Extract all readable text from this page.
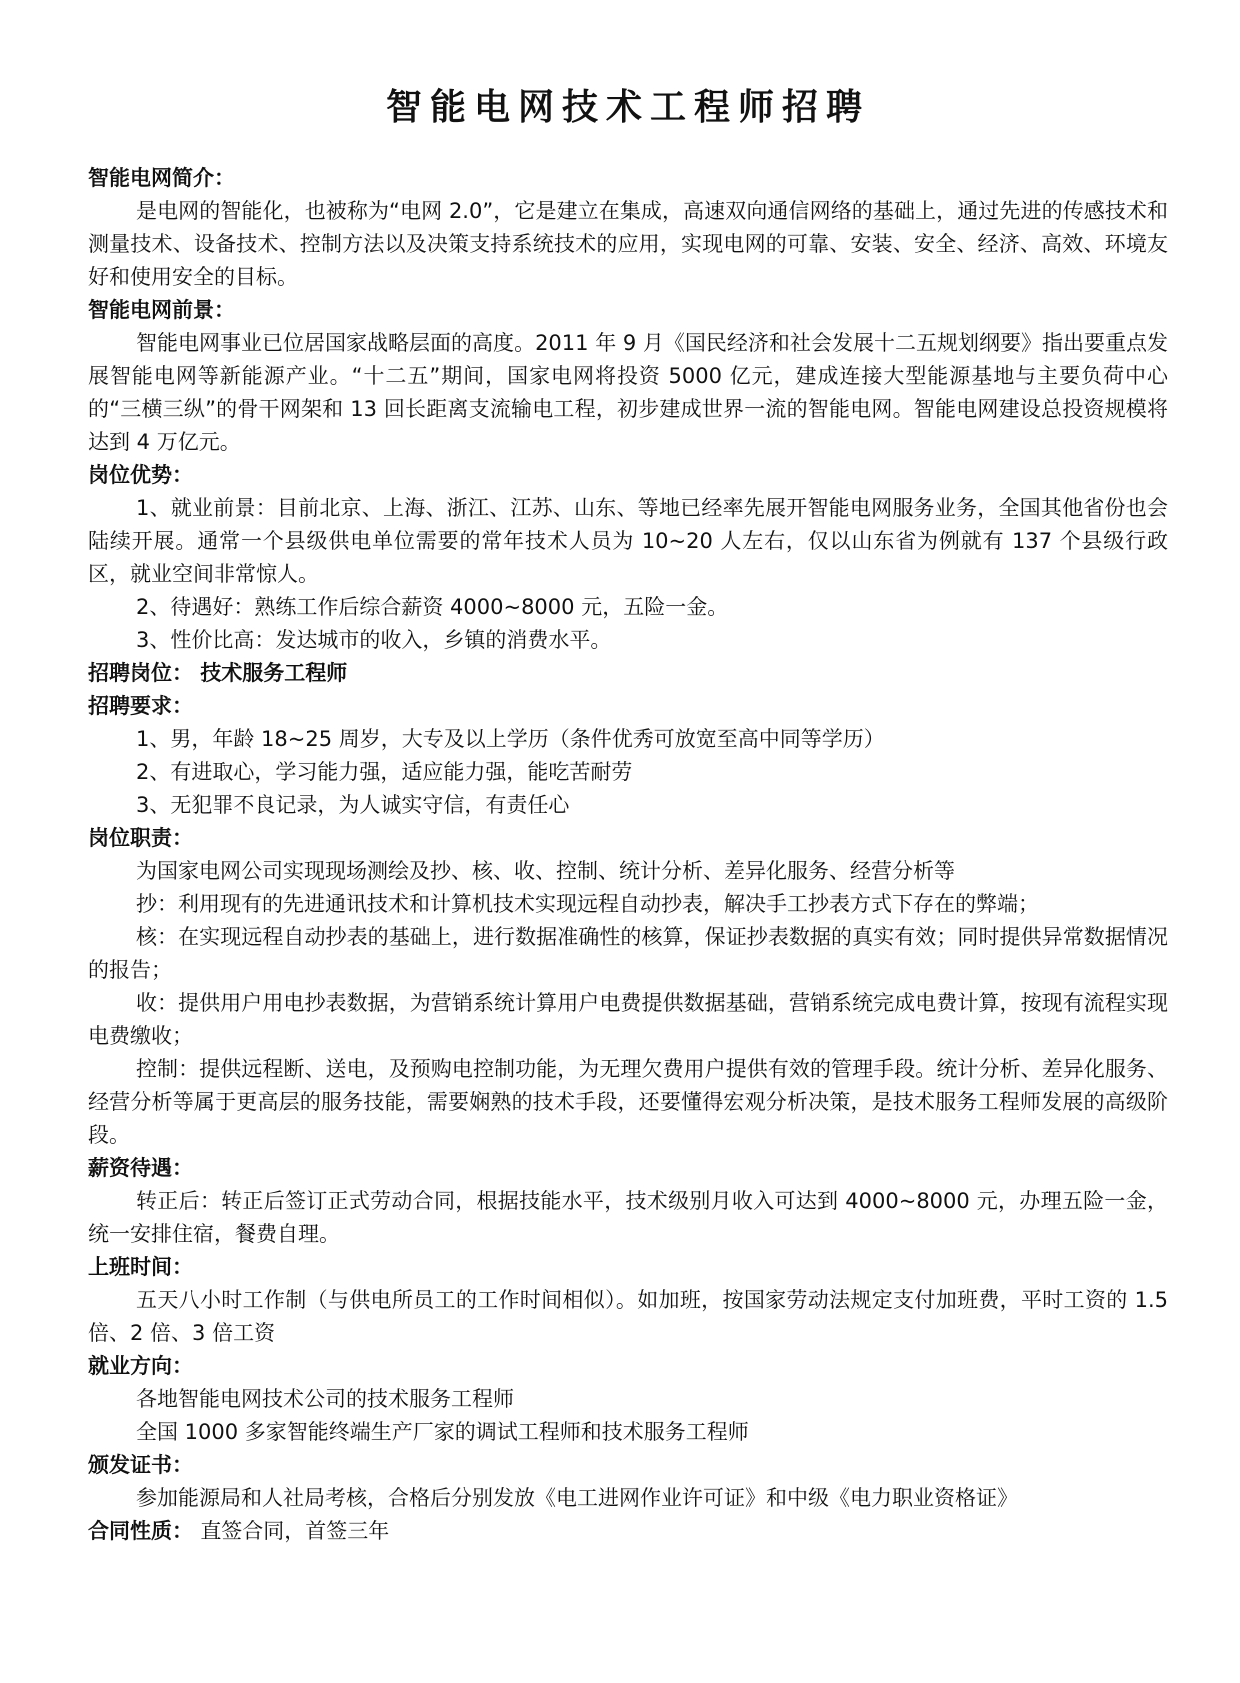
智能电网技术工程师招聘
智能电网简介：

是电网的智能化，也被称为“电网 2.0”，它是建立在集成，高速双向通信网络的基础上，通过先进的传感技术和测量技术、设备技术、控制方法以及决策支持系统技术的应用，实现电网的可靠、安装、安全、经济、高效、环境友好和使用安全的目标。

智能电网前景：

智能电网事业已位居国家战略层面的高度。2011 年 9 月《国民经济和社会发展十二五规划纲要》指出要重点发展智能电网等新能源产业。“十二五”期间，国家电网将投资 5000 亿元，建成连接大型能源基地与主要负荷中心的“三横三纵”的骨干网架和 13 回长距离支流输电工程，初步建成世界一流的智能电网。智能电网建设总投资规模将达到 4 万亿元。

岗位优势：

1、就业前景：目前北京、上海、浙江、江苏、山东、等地已经率先展开智能电网服务业务，全国其他省份也会陆续开展。通常一个县级供电单位需要的常年技术人员为 10~20 人左右，仅以山东省为例就有 137 个县级行政区，就业空间非常惊人。

2、待遇好：熟练工作后综合薪资 4000~8000 元，五险一金。

3、性价比高：发达城市的收入，乡镇的消费水平。

招聘岗位： 技术服务工程师
招聘要求：

1、男，年龄 18~25 周岁，大专及以上学历（条件优秀可放宽至高中同等学历）

2、有进取心，学习能力强，适应能力强，能吃苦耐劳

3、无犯罪不良记录，为人诚实守信，有责任心

岗位职责：

为国家电网公司实现现场测绘及抄、核、收、控制、统计分析、差异化服务、经营分析等

抄：利用现有的先进通讯技术和计算机技术实现远程自动抄表，解决手工抄表方式下存在的弊端；

核：在实现远程自动抄表的基础上，进行数据准确性的核算，保证抄表数据的真实有效；同时提供异常数据情况的报告；

收：提供用户用电抄表数据，为营销系统计算用户电费提供数据基础，营销系统完成电费计算，按现有流程实现电费缴收；

控制：提供远程断、送电，及预购电控制功能，为无理欠费用户提供有效的管理手段。统计分析、差异化服务、经营分析等属于更高层的服务技能，需要娴熟的技术手段，还要懂得宏观分析决策，是技术服务工程师发展的高级阶段。

薪资待遇：

转正后：转正后签订正式劳动合同，根据技能水平，技术级别月收入可达到 4000~8000 元，办理五险一金，统一安排住宿，餐费自理。

上班时间：

五天八小时工作制（与供电所员工的工作时间相似）。如加班，按国家劳动法规定支付加班费，平时工资的 1.5 倍、2 倍、3 倍工资

就业方向：

各地智能电网技术公司的技术服务工程师

全国 1000 多家智能终端生产厂家的调试工程师和技术服务工程师

颁发证书：

参加能源局和人社局考核，合格后分别发放《电工进网作业许可证》和中级《电力职业资格证》

合同性质： 直签合同，首签三年
